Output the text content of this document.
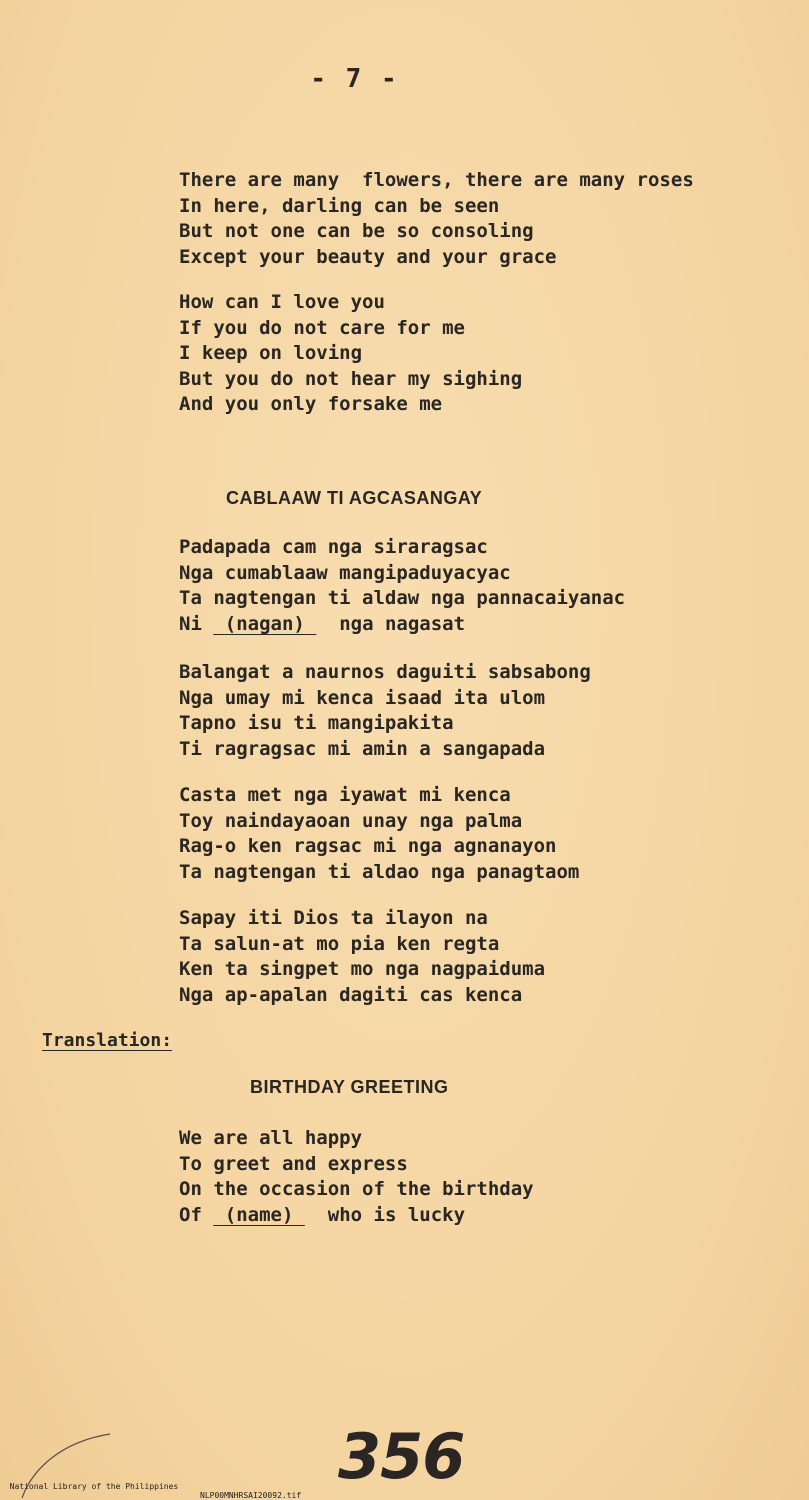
- 7 -
There are many  flowers, there are many roses
In here, darling can be seen
But not one can be so consoling
Except your beauty and your grace
How can I love you
If you do not care for me
I keep on loving
But you do not hear my sighing
And you only forsake me
CABLAAW TI AGCASANGAY
Padapada cam nga siraragsac
Nga cumablaaw mangipaduyacyac
Ta nagtengan ti aldaw nga pannacaiyanac
Ni  (nagan)   nga nagasat
Balangat a naurnos daguiti sabsabong
Nga umay mi kenca isaad ita ulom
Tapno isu ti mangipakita
Ti ragragsac mi amin a sangapada
Casta met nga iyawat mi kenca
Toy naindayaoan unay nga palma
Rag-o ken ragsac mi nga agnanayon
Ta nagtengan ti aldao nga panagtaom
Sapay iti Dios ta ilayon na
Ta salun-at mo pia ken regta
Ken ta singpet mo nga nagpaiduma
Nga ap-apalan dagiti cas kenca
Translation:
BIRTHDAY GREETING
We are all happy
To greet and express
On the occasion of the birthday
Of  (name)   who is lucky
356

National Library of the Philippines

NLP00MNHRSAI20092.tif
